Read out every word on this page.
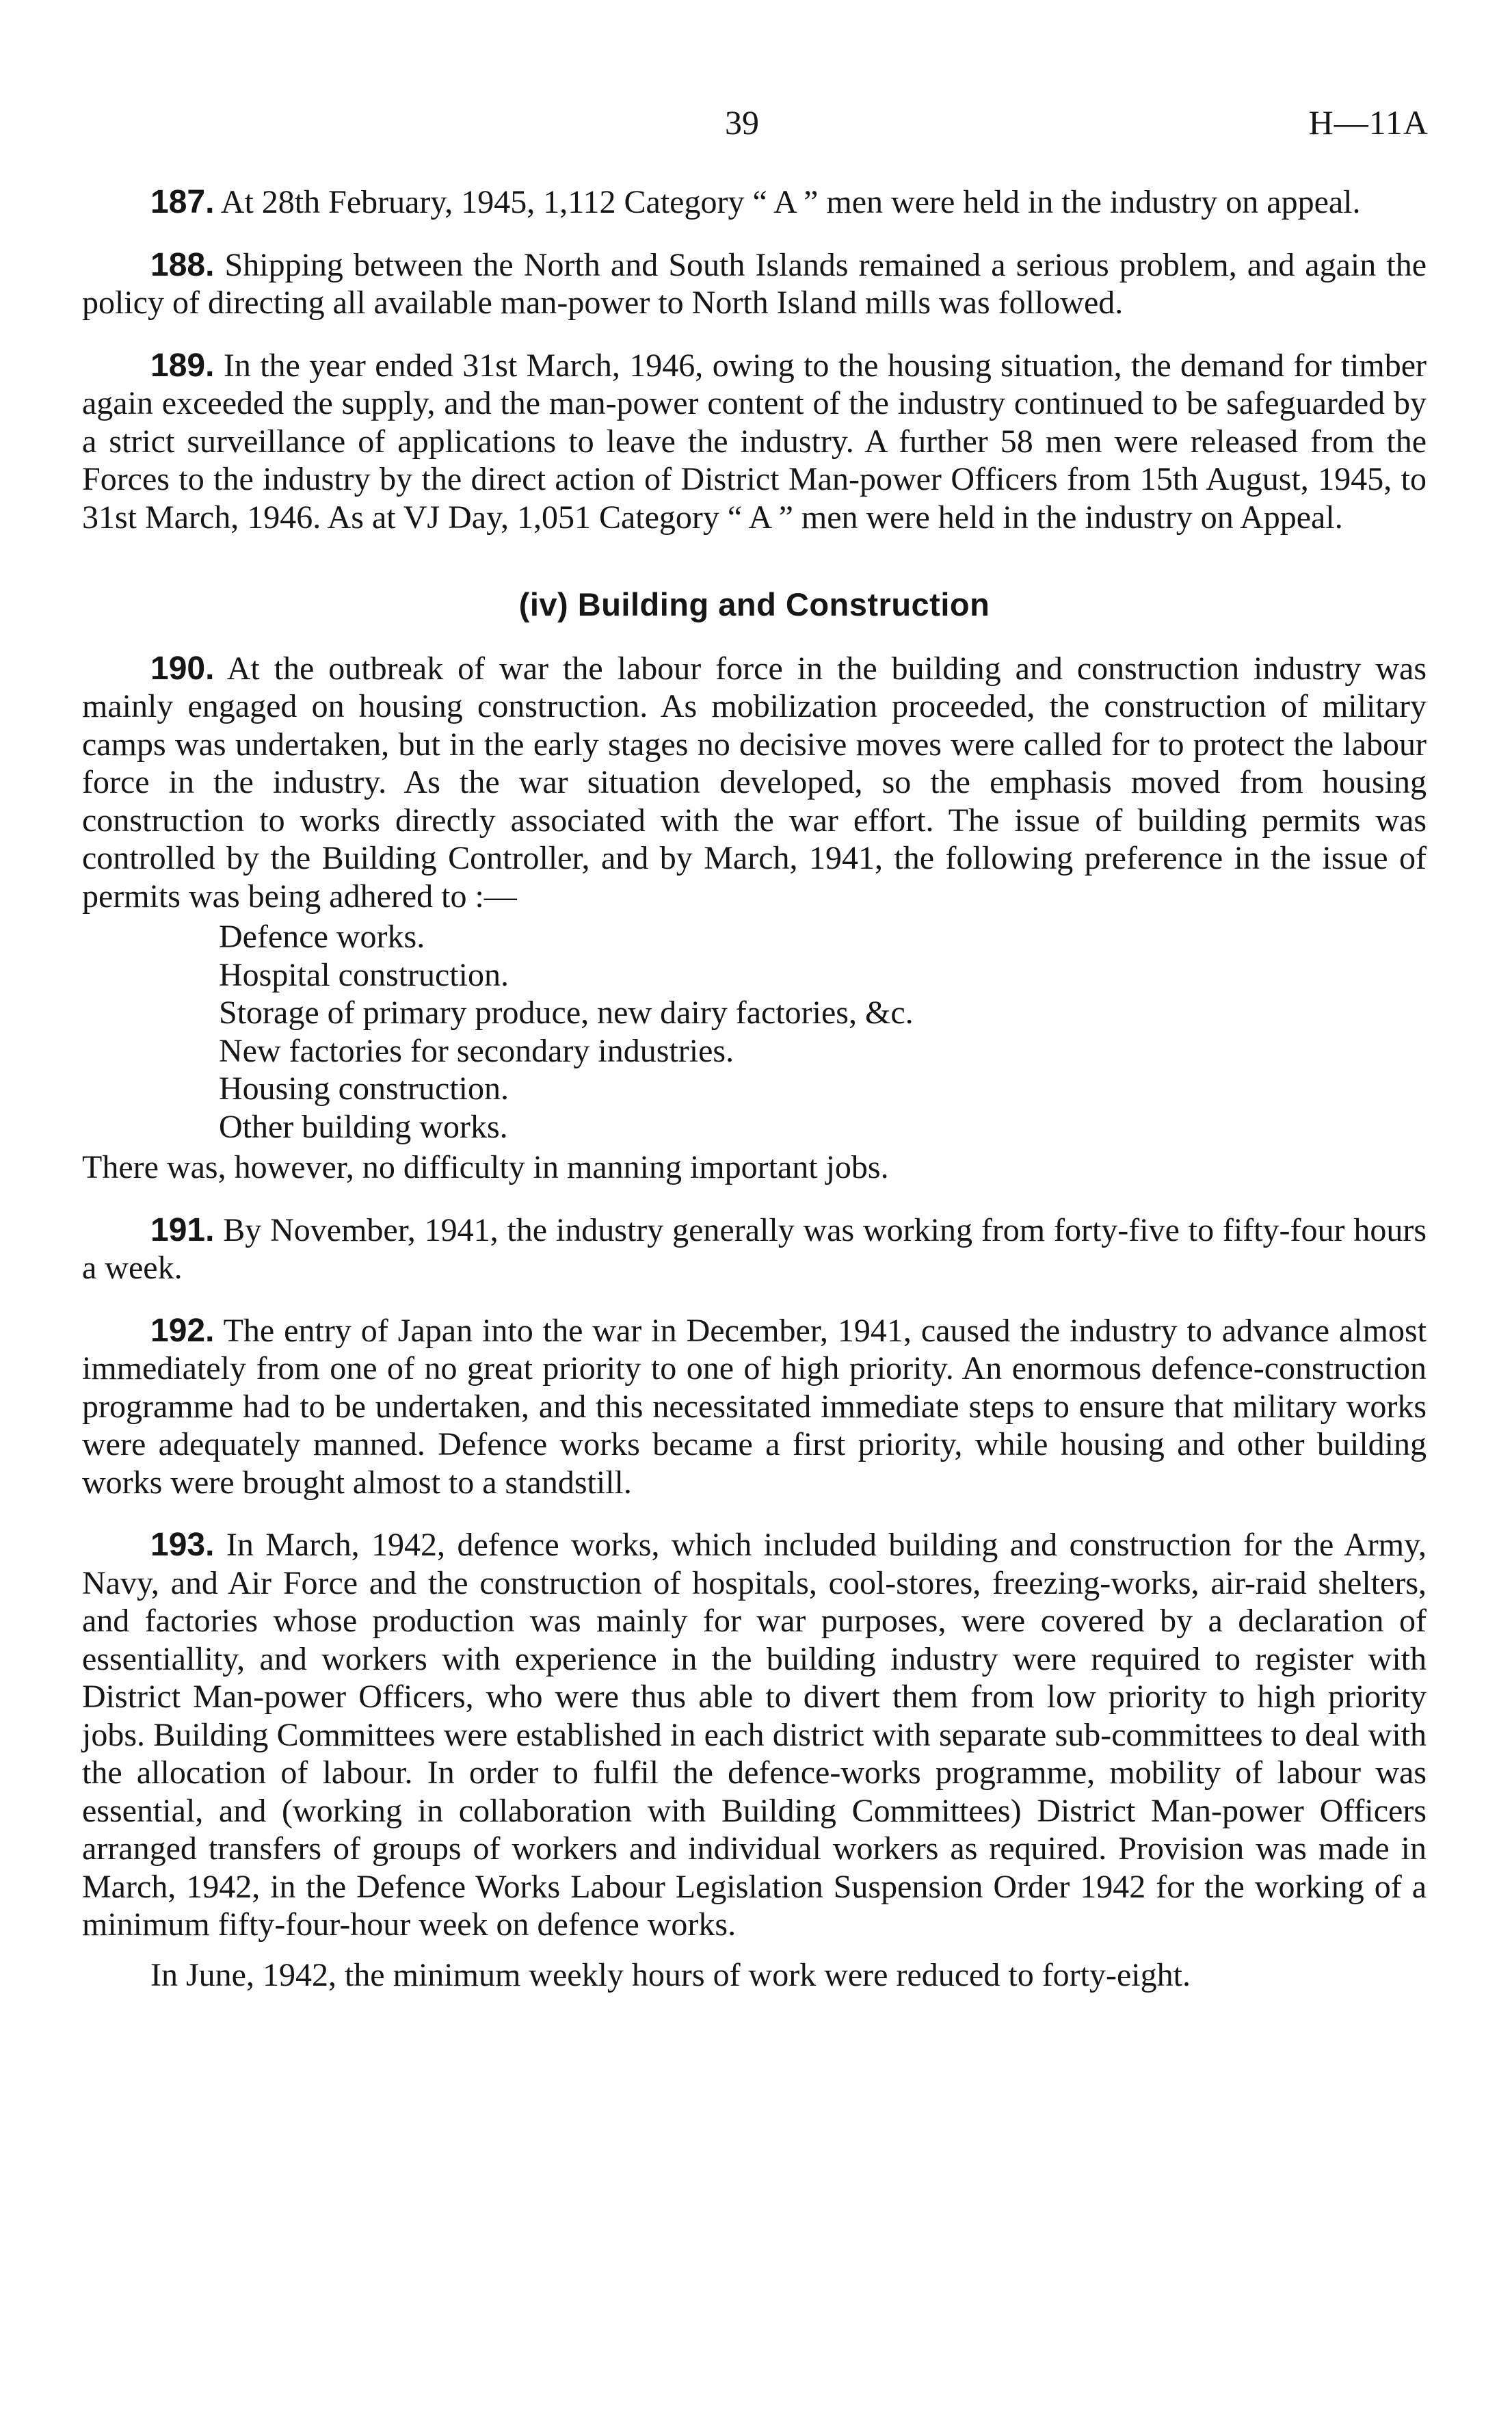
39	H—11A

187. At 28th February, 1945, 1,112 Category “ A ” men were held in the industry on appeal.

188. Shipping between the North and South Islands remained a serious problem, and again the policy of directing all available man-power to North Island mills was followed.

189. In the year ended 31st March, 1946, owing to the housing situation, the demand for timber again exceeded the supply, and the man-power content of the industry continued to be safeguarded by a strict surveillance of applications to leave the industry. A further 58 men were released from the Forces to the industry by the direct action of District Man-power Officers from 15th August, 1945, to 31st March, 1946. As at VJ Day, 1,051 Category “ A ” men were held in the industry on Appeal.

(iv) Building and Construction

190. At the outbreak of war the labour force in the building and construction industry was mainly engaged on housing construction. As mobilization proceeded, the construction of military camps was undertaken, but in the early stages no decisive moves were called for to protect the labour force in the industry. As the war situation developed, so the emphasis moved from housing construction to works directly associated with the war effort. The issue of building permits was controlled by the Building Controller, and by March, 1941, the following preference in the issue of permits was being adhered to :—

Defence works.
Hospital construction.
Storage of primary produce, new dairy factories, &c.
New factories for secondary industries.
Housing construction.
Other building works.

There was, however, no difficulty in manning important jobs.

191. By November, 1941, the industry generally was working from forty-five to fifty-four hours a week.

192. The entry of Japan into the war in December, 1941, caused the industry to advance almost immediately from one of no great priority to one of high priority. An enormous defence-construction programme had to be undertaken, and this necessitated immediate steps to ensure that military works were adequately manned. Defence works became a first priority, while housing and other building works were brought almost to a standstill.

193. In March, 1942, defence works, which included building and construction for the Army, Navy, and Air Force and the construction of hospitals, cool-stores, freezing-works, air-raid shelters, and factories whose production was mainly for war purposes, were covered by a declaration of essentiallity, and workers with experience in the building industry were required to register with District Man-power Officers, who were thus able to divert them from low priority to high priority jobs. Building Committees were established in each district with separate sub-committees to deal with the allocation of labour. In order to fulfil the defence-works programme, mobility of labour was essential, and (working in collaboration with Building Committees) District Man-power Officers arranged transfers of groups of workers and individual workers as required. Provision was made in March, 1942, in the Defence Works Labour Legislation Suspension Order 1942 for the working of a minimum fifty-four-hour week on defence works.

In June, 1942, the minimum weekly hours of work were reduced to forty-eight.
